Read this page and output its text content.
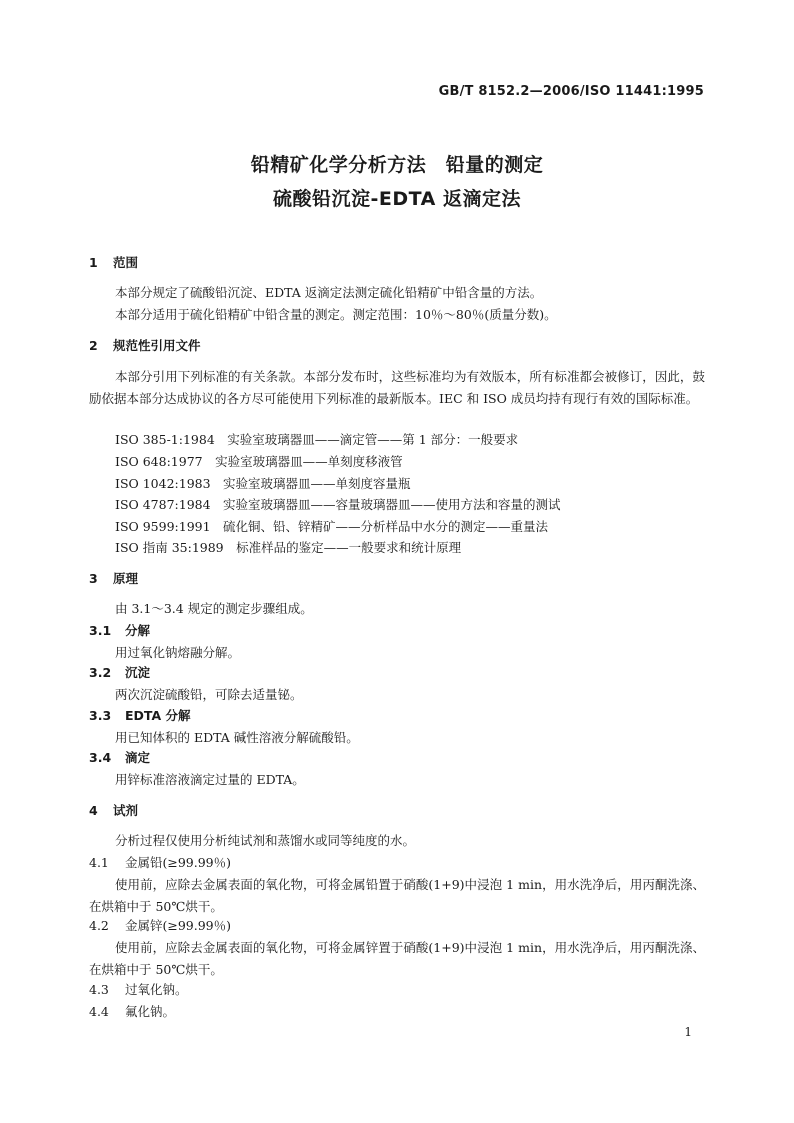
GB/T 8152.2—2006/ISO 11441:1995
铅精矿化学分析方法　铅量的测定
硫酸铅沉淀-EDTA 返滴定法
1 范围
本部分规定了硫酸铅沉淀、EDTA 返滴定法测定硫化铅精矿中铅含量的方法。
本部分适用于硫化铅精矿中铅含量的测定。测定范围：10％～80％(质量分数)。
2 规范性引用文件
本部分引用下列标准的有关条款。本部分发布时，这些标准均为有效版本，所有标准都会被修订，因此，鼓励依据本部分达成协议的各方尽可能使用下列标准的最新版本。IEC 和 ISO 成员均持有现行有效的国际标准。
ISO 385-1:1984　实验室玻璃器皿——滴定管——第 1 部分：一般要求
ISO 648:1977　实验室玻璃器皿——单刻度移液管
ISO 1042:1983　实验室玻璃器皿——单刻度容量瓶
ISO 4787:1984　实验室玻璃器皿——容量玻璃器皿——使用方法和容量的测试
ISO 9599:1991　硫化铜、铅、锌精矿——分析样品中水分的测定——重量法
ISO 指南 35:1989　标准样品的鉴定——一般要求和统计原理
3 原理
由 3.1～3.4 规定的测定步骤组成。
3.1 分解
用过氧化钠熔融分解。
3.2 沉淀
两次沉淀硫酸铅，可除去适量铋。
3.3 EDTA 分解
用已知体积的 EDTA 碱性溶液分解硫酸铅。
3.4 滴定
用锌标准溶液滴定过量的 EDTA。
4 试剂
分析过程仅使用分析纯试剂和蒸馏水或同等纯度的水。
4.1 金属铅(≥99.99％)
使用前，应除去金属表面的氧化物，可将金属铅置于硝酸(1+9)中浸泡 1 min，用水洗净后，用丙酮洗涤、在烘箱中于 50℃烘干。
4.2 金属锌(≥99.99％)
使用前，应除去金属表面的氧化物，可将金属锌置于硝酸(1+9)中浸泡 1 min，用水洗净后，用丙酮洗涤、在烘箱中于 50℃烘干。
4.3 过氧化钠。
4.4 氟化钠。
1
